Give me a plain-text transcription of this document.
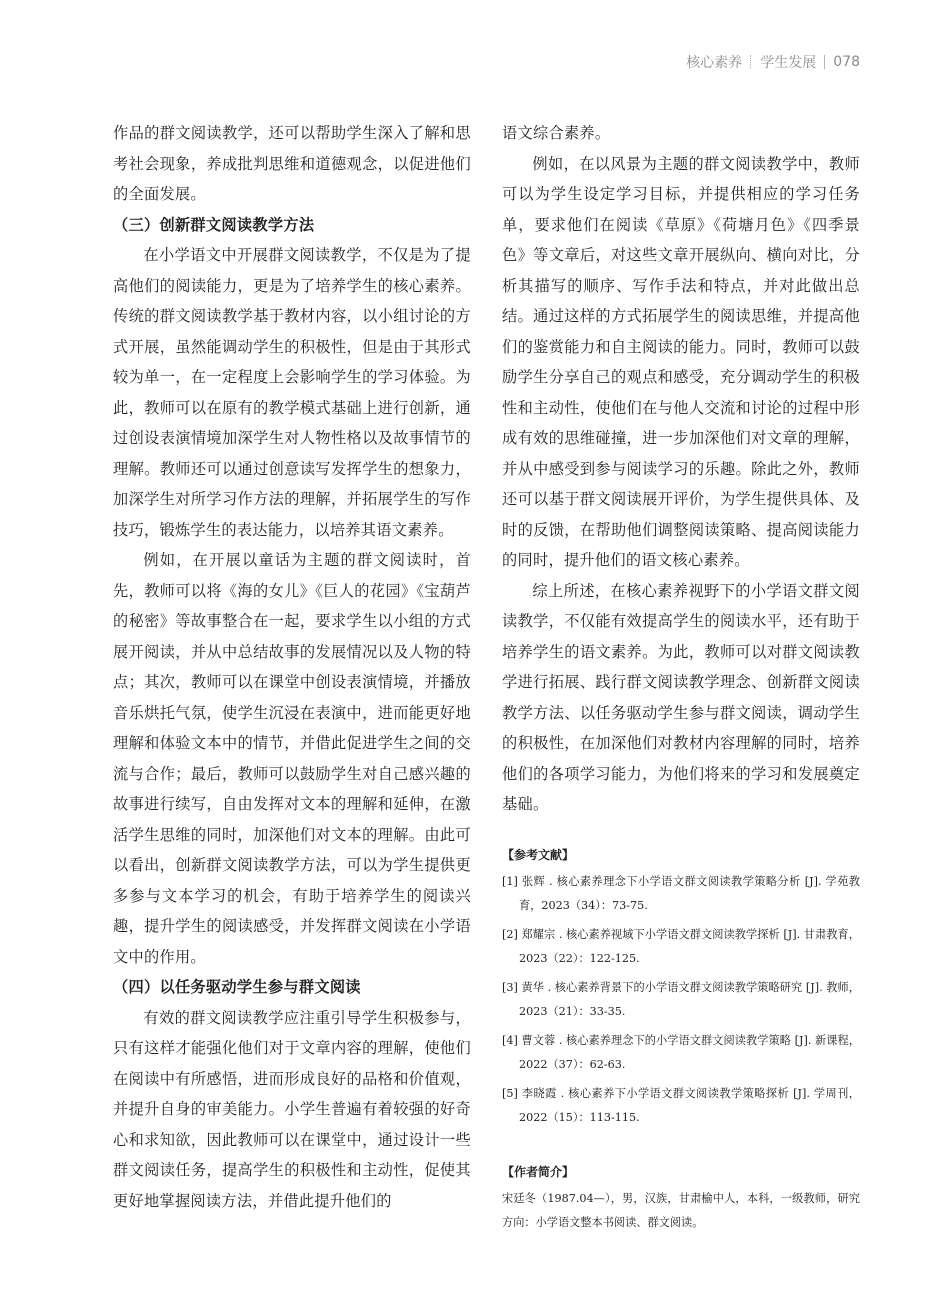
核心素养 学生发展 078

作品的群文阅读教学，还可以帮助学生深入了解和思考社会现象，养成批判思维和道德观念，以促进他们的全面发展。

（三）创新群文阅读教学方法

在小学语文中开展群文阅读教学，不仅是为了提高他们的阅读能力，更是为了培养学生的核心素养。传统的群文阅读教学基于教材内容，以小组讨论的方式开展，虽然能调动学生的积极性，但是由于其形式较为单一，在一定程度上会影响学生的学习体验。为此，教师可以在原有的教学模式基础上进行创新，通过创设表演情境加深学生对人物性格以及故事情节的理解。教师还可以通过创意读写发挥学生的想象力，加深学生对所学习作方法的理解，并拓展学生的写作技巧，锻炼学生的表达能力，以培养其语文素养。

例如，在开展以童话为主题的群文阅读时，首先，教师可以将《海的女儿》《巨人的花园》《宝葫芦的秘密》等故事整合在一起，要求学生以小组的方式展开阅读，并从中总结故事的发展情况以及人物的特点；其次，教师可以在课堂中创设表演情境，并播放音乐烘托气氛，使学生沉浸在表演中，进而能更好地理解和体验文本中的情节，并借此促进学生之间的交流与合作；最后，教师可以鼓励学生对自己感兴趣的故事进行续写，自由发挥对文本的理解和延伸，在激活学生思维的同时，加深他们对文本的理解。由此可以看出，创新群文阅读教学方法，可以为学生提供更多参与文本学习的机会，有助于培养学生的阅读兴趣，提升学生的阅读感受，并发挥群文阅读在小学语文中的作用。

（四）以任务驱动学生参与群文阅读

有效的群文阅读教学应注重引导学生积极参与，只有这样才能强化他们对于文章内容的理解，使他们在阅读中有所感悟，进而形成良好的品格和价值观，并提升自身的审美能力。小学生普遍有着较强的好奇心和求知欲，因此教师可以在课堂中，通过设计一些群文阅读任务，提高学生的积极性和主动性，促使其更好地掌握阅读方法，并借此提升他们的

语文综合素养。

例如，在以风景为主题的群文阅读教学中，教师可以为学生设定学习目标，并提供相应的学习任务单，要求他们在阅读《草原》《荷塘月色》《四季景色》等文章后，对这些文章开展纵向、横向对比，分析其描写的顺序、写作手法和特点，并对此做出总结。通过这样的方式拓展学生的阅读思维，并提高他们的鉴赏能力和自主阅读的能力。同时，教师可以鼓励学生分享自己的观点和感受，充分调动学生的积极性和主动性，使他们在与他人交流和讨论的过程中形成有效的思维碰撞，进一步加深他们对文章的理解，并从中感受到参与阅读学习的乐趣。除此之外，教师还可以基于群文阅读展开评价，为学生提供具体、及时的反馈，在帮助他们调整阅读策略、提高阅读能力的同时，提升他们的语文核心素养。

综上所述，在核心素养视野下的小学语文群文阅读教学，不仅能有效提高学生的阅读水平，还有助于培养学生的语文素养。为此，教师可以对群文阅读教学进行拓展、践行群文阅读教学理念、创新群文阅读教学方法、以任务驱动学生参与群文阅读，调动学生的积极性，在加深他们对教材内容理解的同时，培养他们的各项学习能力，为他们将来的学习和发展奠定基础。

【参考文献】
[1] 张辉 . 核心素养理念下小学语文群文阅读教学策略分析 [J]. 学苑教育，2023（34）：73-75.
[2] 郑耀宗 . 核心素养视域下小学语文群文阅读教学探析 [J]. 甘肃教育，2023（22）：122-125.
[3] 黄华 . 核心素养背景下的小学语文群文阅读教学策略研究 [J]. 教师，2023（21）：33-35.
[4] 曹文蓉 . 核心素养理念下的小学语文群文阅读教学策略 [J]. 新课程，2022（37）：62-63.
[5] 李晓霞 . 核心素养下小学语文群文阅读教学策略探析 [J]. 学周刊，2022（15）：113-115.
【作者简介】
宋廷冬（1987.04—），男，汉族，甘肃榆中人，本科，一级教师，研究方向：小学语文整本书阅读、群文阅读。
